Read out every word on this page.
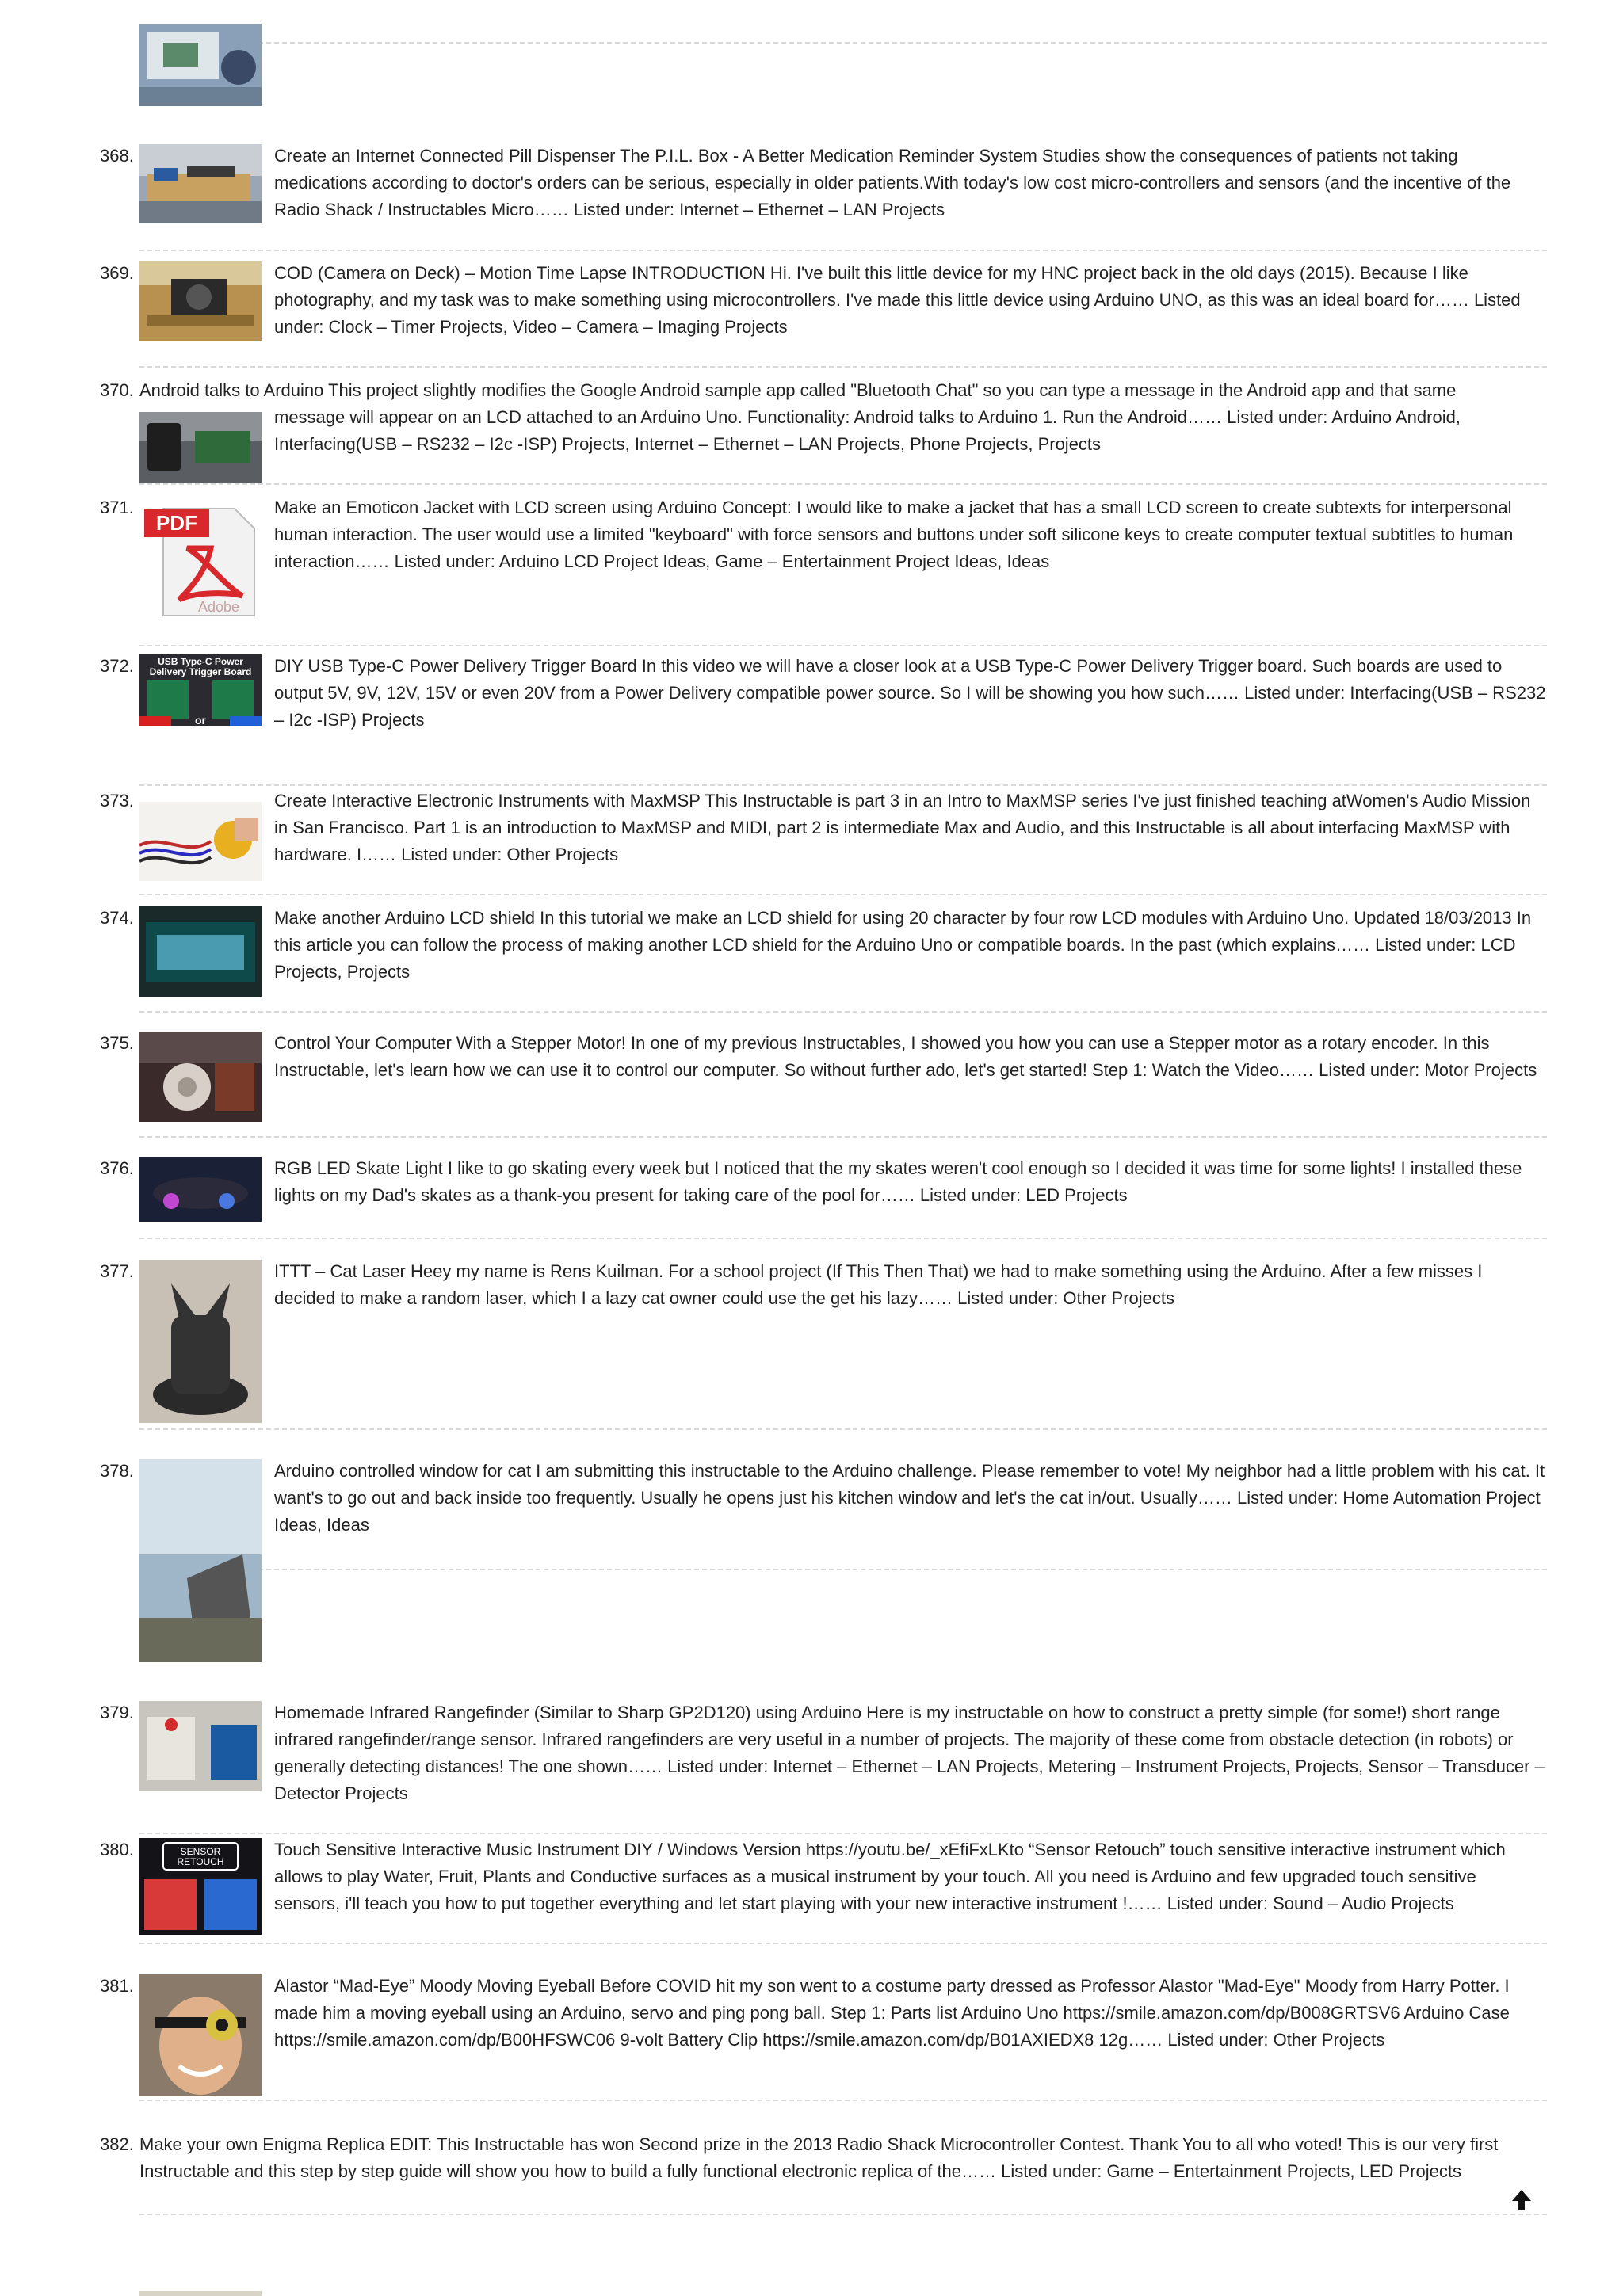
368.	Create an Internet Connected Pill Dispenser The P.I.L. Box - A Better Medication Reminder System Studies show the consequences of patients not taking medications according to doctor's orders can be serious, especially in older patients.With today's low cost micro-controllers and sensors (and the incentive of the Radio Shack / Instructables Micro…… Listed under: Internet – Ethernet – LAN Projects
369.	COD (Camera on Deck) – Motion Time Lapse INTRODUCTION Hi. I've built this little device for my HNC project back in the old days (2015). Because I like photography, and my task was to make something using microcontrollers. I've made this little device using Arduino UNO, as this was an ideal board for…… Listed under: Clock – Timer Projects, Video – Camera – Imaging Projects
370. Android talks to Arduino This project slightly modifies the Google Android sample app called "Bluetooth Chat" so you can type a message in the Android app and that same
message will appear on an LCD attached to an Arduino Uno. Functionality: Android talks to Arduino 1. Run the Android…… Listed under: Arduino Android, Interfacing(USB – RS232 – I2c -ISP) Projects, Internet – Ethernet – LAN Projects, Phone Projects, Projects
371.
PDF
Adobe
Make an Emoticon Jacket with LCD screen using Arduino Concept: I would like to make a jacket that has a small LCD screen to create subtexts for interpersonal human interaction. The user would use a limited "keyboard" with force sensors and buttons under soft silicone keys to create computer textual subtitles to human interaction…… Listed under: Arduino LCD Project Ideas, Game – Entertainment Project Ideas, Ideas
372.	USB Type-C Power
Delivery Trigger Board
or
DIY USB Type-C Power Delivery Trigger Board In this video we will have a closer look at a USB Type-C Power Delivery Trigger board. Such boards are used to output 5V, 9V, 12V, 15V or even 20V from a Power Delivery compatible power source. So I will be showing you how such…… Listed under: Interfacing(USB – RS232 – I2c -ISP) Projects
373.	Create Interactive Electronic Instruments with MaxMSP This Instructable is part 3 in an Intro to MaxMSP series I've just finished teaching atWomen's Audio Mission in San Francisco. Part 1 is an introduction to MaxMSP and MIDI, part 2 is intermediate Max and Audio, and this Instructable is all about interfacing MaxMSP with hardware. I…… Listed under: Other Projects
374.	Make another Arduino LCD shield In this tutorial we make an LCD shield for using 20 character by four row LCD modules with Arduino Uno. Updated 18/03/2013 In this article you can follow the process of making another LCD shield for the Arduino Uno or compatible boards. In the past (which explains…… Listed under: LCD Projects, Projects
375.	Control Your Computer With a Stepper Motor! In one of my previous Instructables, I showed you how you can use a Stepper motor as a rotary encoder. In this Instructable, let's learn how we can use it to control our computer. So without further ado, let's get started! Step 1: Watch the Video…… Listed under: Motor Projects
376.	RGB LED Skate Light I like to go skating every week but I noticed that the my skates weren't cool enough so I decided it was time for some lights! I installed these lights on my Dad's skates as a thank-you present for taking care of the pool for…… Listed under: LED Projects
377.	ITTT – Cat Laser Heey my name is Rens Kuilman. For a school project (If This Then That) we had to make something using the Arduino. After a few misses I decided to make a random laser, which I a lazy cat owner could use the get his lazy…… Listed under: Other Projects
378.	Arduino controlled window for cat I am submitting this instructable to the Arduino challenge. Please remember to vote! My neighbor had a little problem with his cat. It want's to go out and back inside too frequently. Usually he opens just his kitchen window and let's the cat in/out. Usually…… Listed under: Home Automation Project Ideas, Ideas
379.	Homemade Infrared Rangefinder (Similar to Sharp GP2D120) using Arduino Here is my instructable on how to construct a pretty simple (for some!) short range infrared rangefinder/range sensor. Infrared rangefinders are very useful in a number of projects. The majority of these come from obstacle detection (in robots) or generally detecting distances! The one shown…… Listed under: Internet – Ethernet – LAN Projects, Metering – Instrument Projects, Projects, Sensor – Transducer – Detector Projects
380.	SENSOR
RETOUCH
Touch Sensitive Interactive Music Instrument DIY / Windows Version https://youtu.be/_xEfiFxLKto “Sensor Retouch” touch sensitive interactive instrument which allows to play Water, Fruit, Plants and Conductive surfaces as a musical instrument by your touch. All you need is Arduino and few upgraded touch sensitive sensors, i'll teach you how to put together everything and let start playing with your new interactive instrument !…… Listed under: Sound – Audio Projects
381.	Alastor “Mad-Eye” Moody Moving Eyeball Before COVID hit my son went to a costume party dressed as Professor Alastor "Mad-Eye" Moody from Harry Potter. I made him a moving eyeball using an Arduino, servo and ping pong ball. Step 1: Parts list Arduino Uno https://smile.amazon.com/dp/B008GRTSV6 Arduino Case https://smile.amazon.com/dp/B00HFSWC06 9-volt Battery Clip https://smile.amazon.com/dp/B01AXIEDX8 12g…… Listed under: Other Projects
382. Make your own Enigma Replica EDIT: This Instructable has won Second prize in the 2013 Radio Shack Microcontroller Contest. Thank You to all who voted! This is our very first Instructable and this step by step guide will show you how to build a fully functional electronic replica of the…… Listed under: Game – Entertainment Projects, LED Projects
